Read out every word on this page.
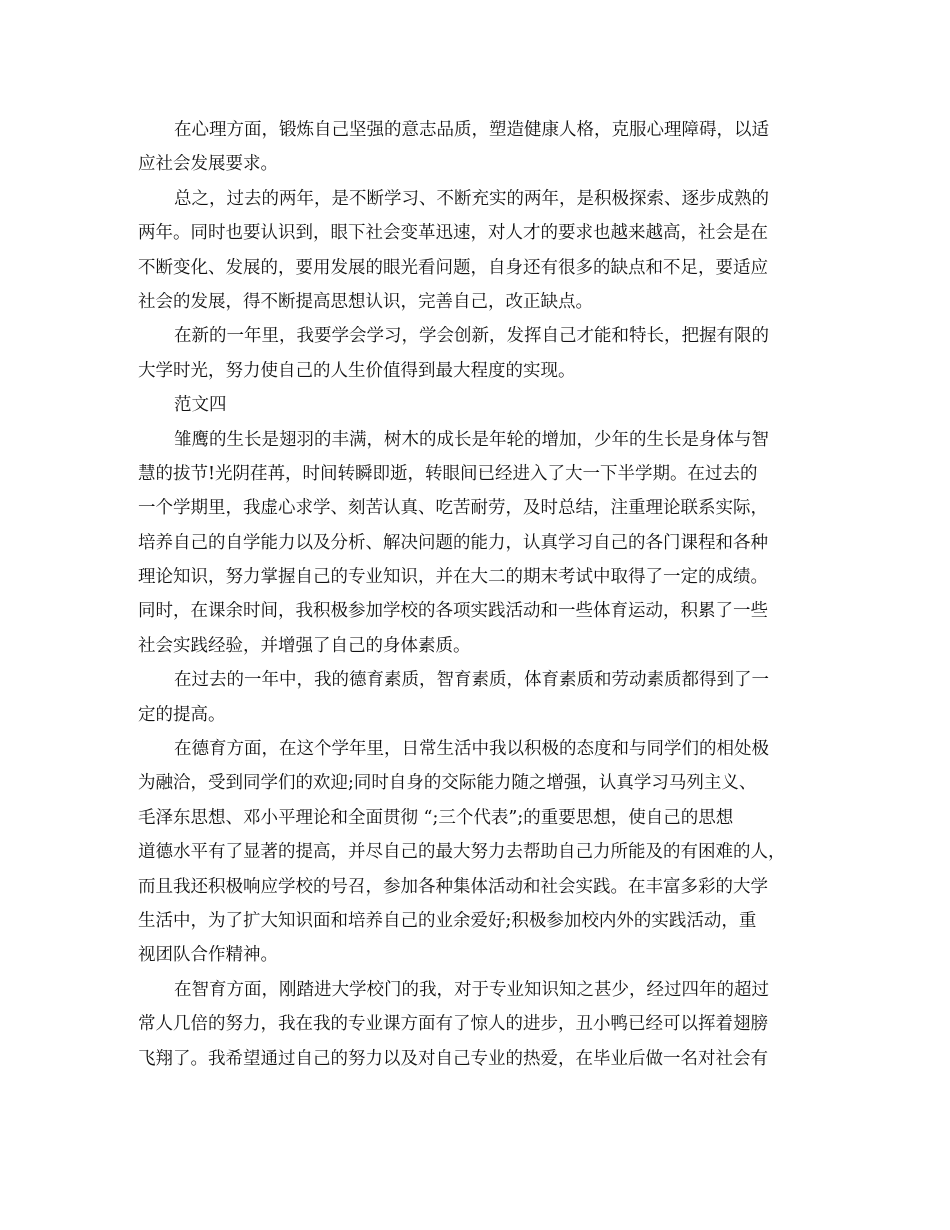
在心理方面，锻炼自己坚强的意志品质，塑造健康人格，克服心理障碍，以适
应社会发展要求。
总之，过去的两年，是不断学习、不断充实的两年，是积极探索、逐步成熟的
两年。同时也要认识到，眼下社会变革迅速，对人才的要求也越来越高，社会是在
不断变化、发展的，要用发展的眼光看问题，自身还有很多的缺点和不足，要适应
社会的发展，得不断提高思想认识，完善自己，改正缺点。
在新的一年里，我要学会学习，学会创新，发挥自己才能和特长，把握有限的
大学时光，努力使自己的人生价值得到最大程度的实现。
范文四
雏鹰的生长是翅羽的丰满，树木的成长是年轮的增加，少年的生长是身体与智
慧的拔节!光阴荏苒，时间转瞬即逝，转眼间已经进入了大一下半学期。在过去的
一个学期里，我虚心求学、刻苦认真、吃苦耐劳，及时总结，注重理论联系实际，
培养自己的自学能力以及分析、解决问题的能力，认真学习自己的各门课程和各种
理论知识，努力掌握自己的专业知识，并在大二的期末考试中取得了一定的成绩。
同时，在课余时间，我积极参加学校的各项实践活动和一些体育运动，积累了一些
社会实践经验，并增强了自己的身体素质。
在过去的一年中，我的德育素质，智育素质，体育素质和劳动素质都得到了一
定的提高。
在德育方面，在这个学年里，日常生活中我以积极的态度和与同学们的相处极
为融洽，受到同学们的欢迎;同时自身的交际能力随之增强，认真学习马列主义、
毛泽东思想、邓小平理论和全面贯彻 “;三个代表”;的重要思想，使自己的思想
道德水平有了显著的提高，并尽自己的最大努力去帮助自己力所能及的有困难的人，
而且我还积极响应学校的号召，参加各种集体活动和社会实践。在丰富多彩的大学
生活中，为了扩大知识面和培养自己的业余爱好;积极参加校内外的实践活动，重
视团队合作精神。
在智育方面，刚踏进大学校门的我，对于专业知识知之甚少，经过四年的超过
常人几倍的努力，我在我的专业课方面有了惊人的进步，丑小鸭已经可以挥着翅膀
飞翔了。我希望通过自己的努力以及对自己专业的热爱，在毕业后做一名对社会有
